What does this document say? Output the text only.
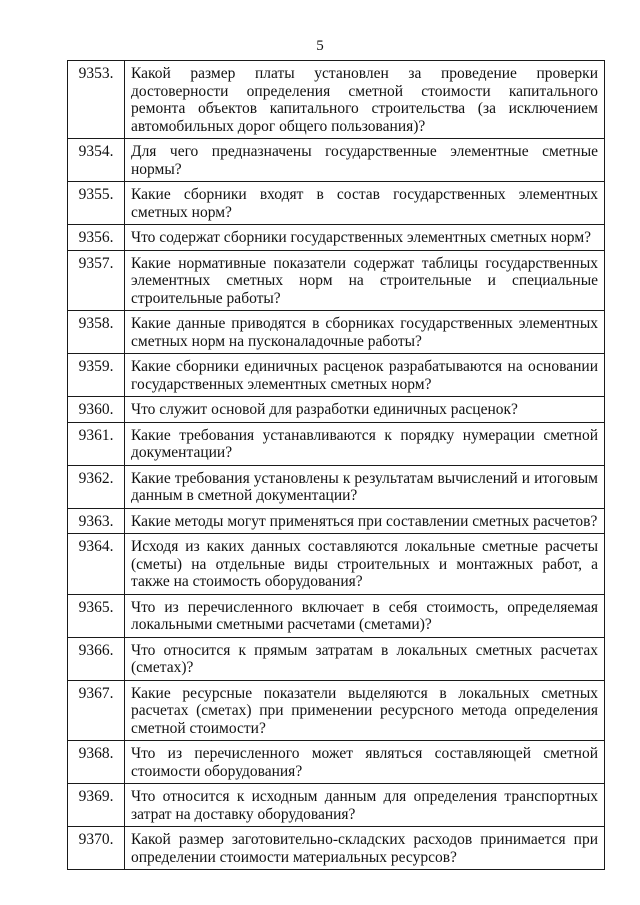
5
9353.	Какой размер платы установлен за проведение проверки достоверности определения сметной стоимости капитального ремонта объектов капитального строительства (за исключением автомобильных дорог общего пользования)?
9354.	Для чего предназначены государственные элементные сметные нормы?
9355.	Какие сборники входят в состав государственных элементных сметных норм?
9356.	Что содержат сборники государственных элементных сметных норм?
9357.	Какие нормативные показатели содержат таблицы государственных элементных сметных норм на строительные и специальные строительные работы?
9358.	Какие данные приводятся в сборниках государственных элементных сметных норм на пусконаладочные работы?
9359.	Какие сборники единичных расценок разрабатываются на основании государственных элементных сметных норм?
9360.	Что служит основой для разработки единичных расценок?
9361.	Какие требования устанавливаются к порядку нумерации сметной документации?
9362.	Какие требования установлены к результатам вычислений и итоговым данным в сметной документации?
9363.	Какие методы могут применяться при составлении сметных расчетов?
9364.	Исходя из каких данных составляются локальные сметные расчеты (сметы) на отдельные виды строительных и монтажных работ, а также на стоимость оборудования?
9365.	Что из перечисленного включает в себя стоимость, определяемая локальными сметными расчетами (сметами)?
9366.	Что относится к прямым затратам в локальных сметных расчетах (сметах)?
9367.	Какие ресурсные показатели выделяются в локальных сметных расчетах (сметах) при применении ресурсного метода определения сметной стоимости?
9368.	Что из перечисленного может являться составляющей сметной стоимости оборудования?
9369.	Что относится к исходным данным для определения транспортных затрат на доставку оборудования?
9370.	Какой размер заготовительно-складских расходов принимается при определении стоимости материальных ресурсов?
